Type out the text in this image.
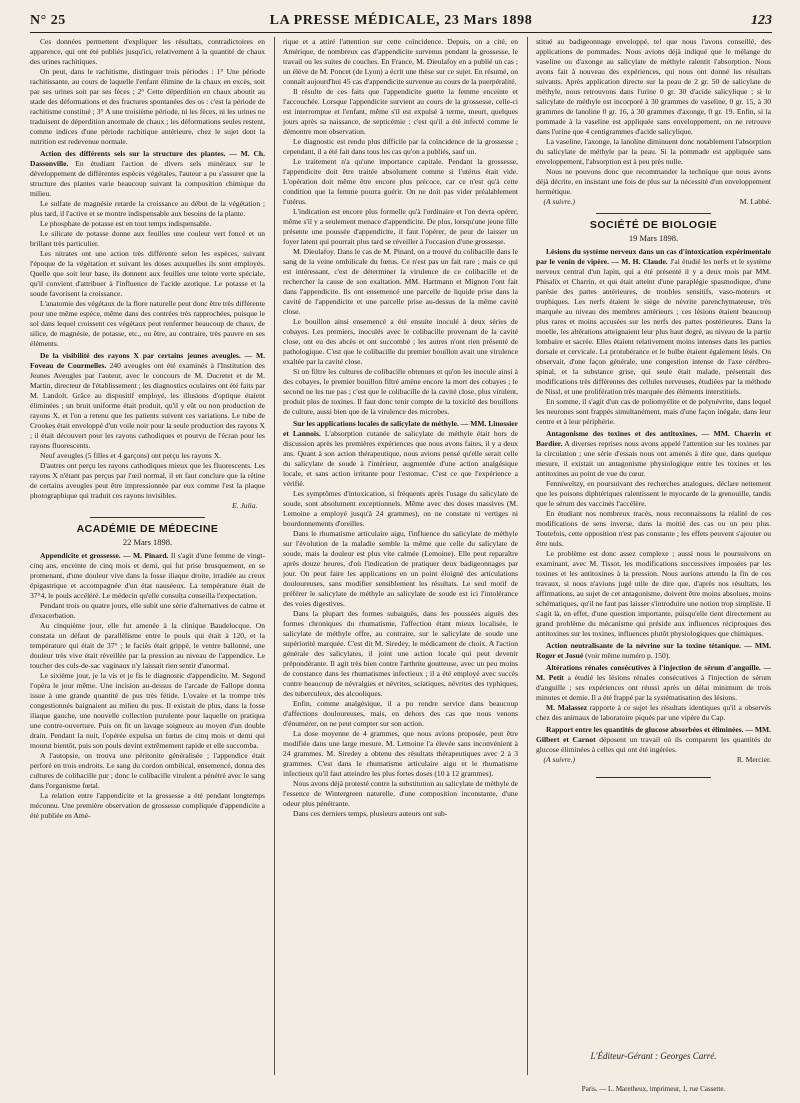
N° 25	LA PRESSE MÉDICALE, 23 Mars 1898	123

Ces données permettent d'expliquer les résultats, contradictoires en apparence, qui ont été publiés jusqu'ici, relativement à la quantité de chaux des urines rachitiques.

On peut, dans le rachitisme, distinguer trois périodes : 1° Une période rachitissante, au cours de laquelle l'enfant élimine de la chaux en excès, soit par ses urines soit par ses fèces ; 2° Cette déperdition en chaux aboutit au stade des déformations et des fractures spontanées des os : c'est la période de rachitisme constitué ; 3° A une troisième période, ni les fèces, ni les urines ne traduisent de déperdition anormale de chaux ; les déformations seules restent, comme indices d'une période rachitique antérieure, chez le sujet dont la nutrition est redevenue normale.

Action des différents sels sur la structure des plantes. — M. Ch. Dassonville. En étudiant l'action de divers sels minéraux sur le développement de différentes espèces végétales, l'auteur a pu s'assurer que la structure des plantes varie beaucoup suivant la composition chimique du milieu.

Le sulfate de magnésie retarde la croissance au début de la végétation ; plus tard, il l'active et se montre indispensable aux besoins de la plante.

Le phosphate de potasse est en tout temps indispensable.

Le silicate de potasse donne aux feuilles une couleur vert foncé et un brillant très particulier.

Les nitrates ont une action très différente selon les espèces, suivant l'époque de la végétation et suivant les doses auxquelles ils sont employés. Quelle que soit leur base, ils donnent aux feuilles une teinte verte spéciale, qu'il convient d'attribuer à l'influence de l'acide azotique. Le potasse et la soude favorisent la croissance.

L'anatomie des végétaux de la flore naturelle peut donc être très différente pour une même espèce, même dans des contrées très rapprochées, puisque le sol dans lequel croissent ces végétaux peut renfermer beaucoup de chaux, de silice, de magnésie, de potasse, etc., ou être, au contraire, très pauvre en ses éléments.

De la visibilité des rayons X par certains jeunes aveugles. — M. Foveau de Courmelles. 240 aveugles ont été examinés à l'Institution des Jeunes Aveugles par l'auteur, avec le concours de M. Ducretet et de M. Martin, directeur de l'établissement ; les diagnostics oculaires ont été faits par M. Landolt. Grâce au dispositif employé, les illusions d'optique étaient éliminées ; un bruit uniforme était produit, qu'il y eût ou non production de rayons X, et l'on a retenu que les patients suivent ces variations. Le tube de Crookes était enveloppé d'un voile noir pour la seule production des rayons X ; il était découvert pour les rayons cathodiques et pourvu de l'écran pour les rayons fluorescents.

Neuf aveugles (5 filles et 4 garçons) ont perçu les rayons X.

D'autres ont perçu les rayons cathodiques mieux que les fluorescents. Les rayons X n'étant pas perçus par l'œil normal, il en faut conclure que la rétine de certains aveugles peut être impressionnée par eux comme l'est la plaque photographique qui traduit ces rayons invisibles.

E. Julia.

ACADÉMIE DE MÉDECINE
22 Mars 1898.

Appendicite et grossesse. — M. Pinard. Il s'agit d'une femme de vingt-cinq ans, enceinte de cinq mois et demi, qui fut prise brusquement, en se promenant, d'une douleur vive dans la fosse iliaque droite, irradiée au creux épigastrique et accompagnée d'un état nauséeux. La température était de 37°4, le pouls accéléré. Le médecin qu'elle consulta conseilla l'expectation.

Pendant trois ou quatre jours, elle subit une série d'alternatives de calme et d'exacerbation.

Au cinquième jour, elle fut amenée à la clinique Baudelocque. On constata un défaut de parallélisme entre le pouls qui était à 120, et la température qui était de 37° ; le faciès était grippé, le ventre ballonné, une douleur très vive était réveillée par la pression au niveau de l'appendice. Le toucher des culs-de-sac vaginaux n'y laissait rien sentir d'anormal.

Le sixième jour, je la vis et je fis le diagnostic d'appendicite. M. Segond l'opéra le jour même. Une incision au-dessus de l'arcade de Fallope donna issue à une grande quantité de pus très fétide. L'ovaire et la trompe très congestionnés baignaient au milieu du pus. Il existait de plus, dans la fosse iliaque gauche, une nouvelle collection purulente pour laquelle on pratiqua une contre-ouverture. Puis on fit un lavage soigneux au moyen d'un double drain. Pendant la nuit, l'opérée expulsa un fœtus de cinq mois et demi qui mourut bientôt, puis son pouls devint extrêmement rapide et elle succomba.

A l'autopsie, on trouva une péritonite généralisée ; l'appendice était perforé en trois endroits. Le sang du cordon ombilical, ensemencé, donna des cultures de colibacille pur ; donc le colibacille virulent a pénétré avec le sang dans l'organisme fœtal.

La relation entre l'appendicite et la grossesse a été pendant longtemps méconnu. Une première observation de grossesse compliquée d'appendicite a été publiée en Amé-

rique et a attiré l'attention sur cette coïncidence. Depuis, on a cité, en Amérique, de nombreux cas d'appendicite survenus pendant la grossesse, le travail ou les suites de couches. En France, M. Dieulafoy en a publié un cas ; un élève de M. Poncet (de Lyon) a écrit une thèse sur ce sujet. En résumé, on connaît aujourd'hui 45 cas d'appendicite survenue au cours de la puerpéralité.

Il résulte de ces faits que l'appendicite guette la femme enceinte et l'accouchée. Lorsque l'appendicite survient au cours de la grossesse, celle-ci est interrompue et l'enfant, même s'il est expulsé à terme, meurt, quelques jours après sa naissance, de septicémie : c'est qu'il a été infecté comme le démontre mon observation.

Le diagnostic est rendu plus difficile par la coïncidence de la grossesse ; cependant, il a été fait dans tous les cas qu'on a publiés, sauf un.

Le traitement n'a qu'une importance capitale. Pendant la grossesse, l'appendicite doit être traitée absolument comme si l'utérus était vide. L'opération doit même être encore plus précoce, car ce n'est qu'à cette condition que la femme pourra guérir. On ne doit pas vider préalablement l'utérus.

L'indication est encore plus formelle qu'à l'ordinaire et l'on devra opérer, même s'il y a seulement menace d'appendicite. De plus, lorsqu'une jeune fille présente une poussée d'appendicite, il faut l'opérer, de peur de laisser un foyer latent qui pourrait plus tard se réveiller à l'occasion d'une grossesse.

M. Dieulafoy. Dans le cas de M. Pinard, on a trouvé du colibacille dans le sang de la veine ombilicale du fœtus. Ce n'est pas un fait rare ; mais ce qui est intéressant, c'est de déterminer la virulence de ce colibacille et de rechercher la cause de son exaltation. MM. Hartmann et Mignon l'ont fait dans l'appendicite. Ils ont ensemencé une parcelle de liquide prise dans la cavité de l'appendicite et une parcelle prise au-dessus de la même cavité close.

Le bouillon ainsi ensemencé a été ensuite inoculé à deux séries de cobayes. Les premiers, inoculés avec le colibacille provenant de la cavité close, ont eu des abcès et ont succombé ; les autres n'ont rien présenté de pathologique. C'est que le colibacille du premier bouillon avait une virulence exaltée par la cavité close.

Si on filtre les cultures de colibacille obtenues et qu'on les inocule ainsi à des cobayes, le premier bouillon filtré amène encore la mort des cobayes ; le second ne les tue pas ; c'est que le colibacille de la cavité close, plus virulent, produit plus de toxines. Il faut donc tenir compte de la toxicité des bouillons de culture, aussi bien que de la virulence des microbes.

Sur les applications locales de salicylate de méthyle. — MM. Linossier et Lannois. L'absorption cutanée de salicylate de méthyle était hors de discussion après les premières expériences que nous avons faites, il y a deux ans. Quant à son action thérapeutique, nous avions pensé qu'elle serait celle du salicylate de soude à l'intérieur, augmentée d'une action analgésique locale, et sans action irritante pour l'estomac. C'est ce que l'expérience a vérifié.

Les symptômes d'intoxication, si fréquents après l'usage du salicylate de soude, sont absolument exceptionnels. Même avec des doses massives (M. Lemoine a employé jusqu'à 24 grammes), on ne constate ni vertiges ni bourdonnements d'oreilles.

Dans le rhumatisme articulaire aigu, l'influence du salicylate de méthyle sur l'évolution de la maladie semble la même que celle du salicylate de soude, mais la douleur est plus vite calmée (Lemoine). Elle peut reparaître après douze heures, d'où l'indication de pratiquer deux badigeonnages par jour. On peut faire les applications en un point éloigné des articulations douloureuses, sans modifier sensiblement les résultats. Le seul motif de préférer le salicylate de méthyle au salicylate de soude est ici l'intolérance des voies digestives.

Dans la plupart des formes subaiguës, dans les poussées aiguës des formes chroniques du rhumatisme, l'affection étant mieux localisée, le salicylate de méthyle offre, au contraire, sur le salicylate de soude une supériorité marquée. C'est dit M. Siredey, le médicament de choix. A l'action générale des salicylates, il joint une action locale qui peut devenir prépondérante. Il agit très bien contre l'arthrite goutteuse, avec un peu moins de constance dans les rhumatismes infectieux ; il a été employé avec succès contre beaucoup de névralgies et névrites, sciatiques, névrites des typhiques, des tuberculeux, des alcooliques.

Enfin, comme analgésique, il a pu rendre service dans beaucoup d'affections douloureuses, mais, en dehors des cas que nous venons d'énumérer, on ne peut compter sur son action.

La dose moyenne de 4 grammes, que nous avions proposée, peut être modifiée dans une large mesure. M. Lemoine l'a élevée sans inconvénient à 24 grammes. M. Siredey a obtenu des résultats thérapeutiques avec 2 à 3 grammes. C'est dans le rhumatisme articulaire aigu et le rhumatisme infectieux qu'il faut atteindre les plus fortes doses (10 à 12 grammes).

Nous avons déjà protesté contre la substitution au salicylate de méthyle de l'essence de Wintergreen naturelle, d'une composition inconstante, d'une odeur plus pénétrante.

Dans ces derniers temps, plusieurs auteurs ont sub-

stitué au badigeonnage enveloppé, tel que nous l'avons conseillé, des applications de pommades. Nous avions déjà indiqué que le mélange de vaseline ou d'axonge au salicylate de méthyle ralentit l'absorption. Nous avons fait à nouveau des expériences, qui nous ont donné les résultats suivants. Après application directe sur la peau de 2 gr. 50 de salicylate de méthyle, nous retrouvons dans l'urine 0 gr. 30 d'acide salicylique ; si le salicylate de méthyle est incorporé à 30 grammes de vaseline, 0 gr. 15, à 30 grammes de lanoline 0 gr. 16, à 30 grammes d'axonge, 0 gr. 19. Enfin, si la pommade à la vaseline est appliquée sans enveloppement, on ne retrouve dans l'urine que 4 centigrammes d'acide salicylique.

La vaseline, l'axonge, la lanoline diminuent donc notablement l'absorption du salicylate de méthyle par la peau. Si la pommade est appliquée sans enveloppement, l'absorption est à peu près nulle.

Nous ne pouvons donc que recommander la technique que nous avons déjà décrite, en insistant une fois de plus sur la nécessité d'un enveloppement hermétique.

(A suivre.)	M. Labbé.

SOCIÉTÉ DE BIOLOGIE
19 Mars 1898.

Lésions du système nerveux dans un cas d'intoxication expérimentale par le venin de vipère. — M. H. Claude. J'ai étudié les nerfs et le système nerveux central d'un lapin, qui a été présenté il y a deux mois par MM. Phisalix et Charrin, et qui était atteint d'une paraplégie spasmodique, d'une parésie des pattes antérieures, de troubles sensitifs, vaso-moteurs et trophiques. Les nerfs étaient le siège de névrite parenchymateuse, très marquée au niveau des membres antérieurs ; ces lésions étaient beaucoup plus rares et moins accusées sur les nerfs des pattes postérieures. Dans la moelle, les altérations atteignaient leur plus haut degré, au niveau de la partie lombaire et sacrée. Elles étaient relativement moins intenses dans les parties dorsale et cervicale. La protubérance et le bulbe étaient également lésés. On observait, d'une façon générale, une congestion intense de l'axe cérébro-spinal, et la substance grise, qui seule était malade, présentait des modifications très différentes des cellules nerveuses, étudiées par la méthode de Nissl, et une prolifération très marquée des éléments interstitiels.

En somme, il s'agit d'un cas de poliomyélite et de polynévrite, dans lequel les neurones sont frappés simultanément, mais d'une façon inégale, dans leur centre et à leur périphérie.

Antagonisme des toxines et des antitoxines. — MM. Charrin et Bardier. A diverses reprises nous avons appelé l'attention sur les toxines par la circulation ; une série d'essais nous ont amenés à dire que, dans quelque mesure, il existait un antagonisme physiologique entre les toxines et les antitoxines au point de vue du cœur.

Fenniweltzy, en poursuivant des recherches analogues, déclare nettement que les poisons diphtériques ralentissent le myocarde de la grenouille, tandis que le sérum des vaccinés l'accélère.

En étudiant nos nombreux tracés, nous reconnaissons la réalité de ces modifications de sens inverse, dans la moitié des cas ou un peu plus. Toutefois, cette opposition n'est pas constante ; les effets peuvent s'ajouter ou être nuls.

Le problème est donc assez complexe ; aussi nous le poursuivons en examinant, avec M. Tissot, les modifications successives imposées par les toxines et les antitoxines à la pression. Nous aurions attendu la fin de ces travaux, si nous n'avions jugé utile de dire que, d'après nos résultats, les affirmations, au sujet de cet antagonisme, doivent être moins absolues, moins schématiques, qu'il ne faut pas laisser s'introduire une notion trop simpliste. Il s'agit là, en effet, d'une question importante, puisqu'elle tient directement au grand problème du mécanisme qui préside aux influences réciproques des antitoxines sur les toxines, influences plutôt physiologiques que chimiques.

Action neutralisante de la névrine sur la toxine tétanique. — MM. Roger et Josué (voir même numéro p. 150).

Altérations rénales consécutives à l'injection de sérum d'anguille. — M. Petit a étudié les lésions rénales consécutives à l'injection de sérum d'anguille ; ses expériences ont réussi après un délai minimum de trois minutes et demie. Il a été frappé par la systématisation des lésions.

M. Malassez rapporte à ce sujet les résultats identiques qu'il a observés chez des animaux de laboratoire piqués par une vipère du Cap.

Rapport entre les quantités de glucose absorbées et éliminées. — MM. Gilbert et Carnot déposent un travail où ils comparent les quantités de glucose éliminées à celles qui ont été ingérées.

(A suivre.)	R. Mercier.

L'Éditeur-Gérant : Georges Carré.
Paris. — L. Maretheux, imprimeur, 1, rue Cassette.
